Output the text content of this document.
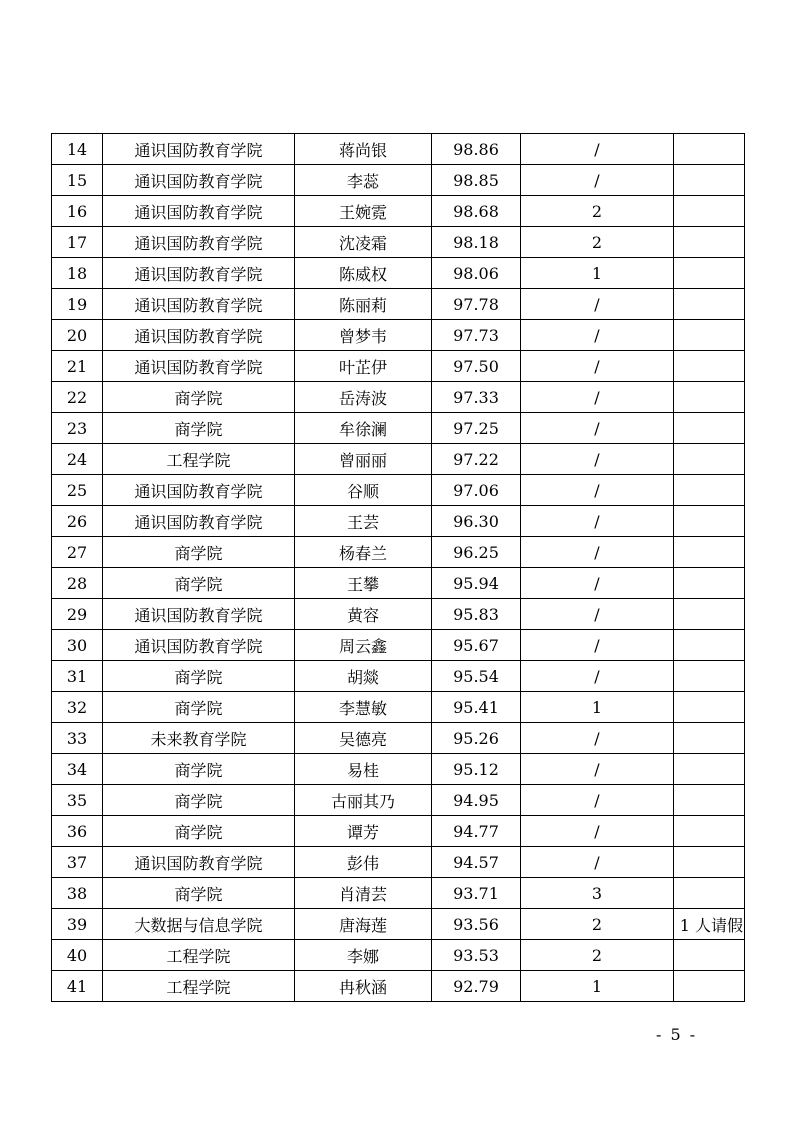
14	通识国防教育学院	蒋尚银	98.86	/	
15	通识国防教育学院	李蕊	98.85	/	
16	通识国防教育学院	王婉霓	98.68	2	
17	通识国防教育学院	沈凌霜	98.18	2	
18	通识国防教育学院	陈威权	98.06	1	
19	通识国防教育学院	陈丽莉	97.78	/	
20	通识国防教育学院	曾梦韦	97.73	/	
21	通识国防教育学院	叶芷伊	97.50	/	
22	商学院	岳涛波	97.33	/	
23	商学院	牟徐澜	97.25	/	
24	工程学院	曾丽丽	97.22	/	
25	通识国防教育学院	谷顺	97.06	/	
26	通识国防教育学院	王芸	96.30	/	
27	商学院	杨春兰	96.25	/	
28	商学院	王攀	95.94	/	
29	通识国防教育学院	黄容	95.83	/	
30	通识国防教育学院	周云鑫	95.67	/	
31	商学院	胡燚	95.54	/	
32	商学院	李慧敏	95.41	1	
33	未来教育学院	吴德亮	95.26	/	
34	商学院	易桂	95.12	/	
35	商学院	古丽其乃	94.95	/	
36	商学院	谭芳	94.77	/	
37	通识国防教育学院	彭伟	94.57	/	
38	商学院	肖清芸	93.71	3	
39	大数据与信息学院	唐海莲	93.56	2	1 人请假
40	工程学院	李娜	93.53	2	
41	工程学院	冉秋涵	92.79	1	
- 5 -
